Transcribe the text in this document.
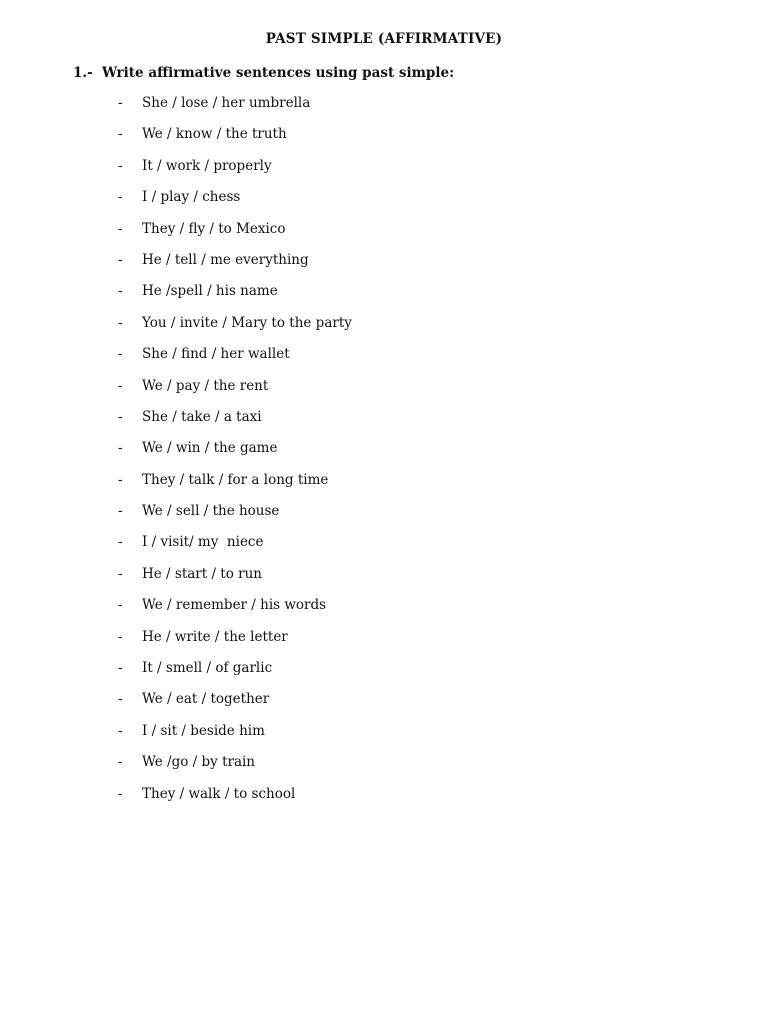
PAST SIMPLE (AFFIRMATIVE)
1.- Write affirmative sentences using past simple:
- She / lose / her umbrella
- We / know / the truth
- It / work / properly
- I / play / chess
- They / fly / to Mexico
- He / tell / me everything
- He /spell / his name
- You / invite / Mary to the party
- She / find / her wallet
- We / pay / the rent
- She / take / a taxi
- We / win / the game
- They / talk / for a long time
- We / sell / the house
- I / visit/ my  niece
- He / start / to run
- We / remember / his words
- He / write / the letter
- It / smell / of garlic
- We / eat / together
- I / sit / beside him
- We /go / by train
- They / walk / to school
